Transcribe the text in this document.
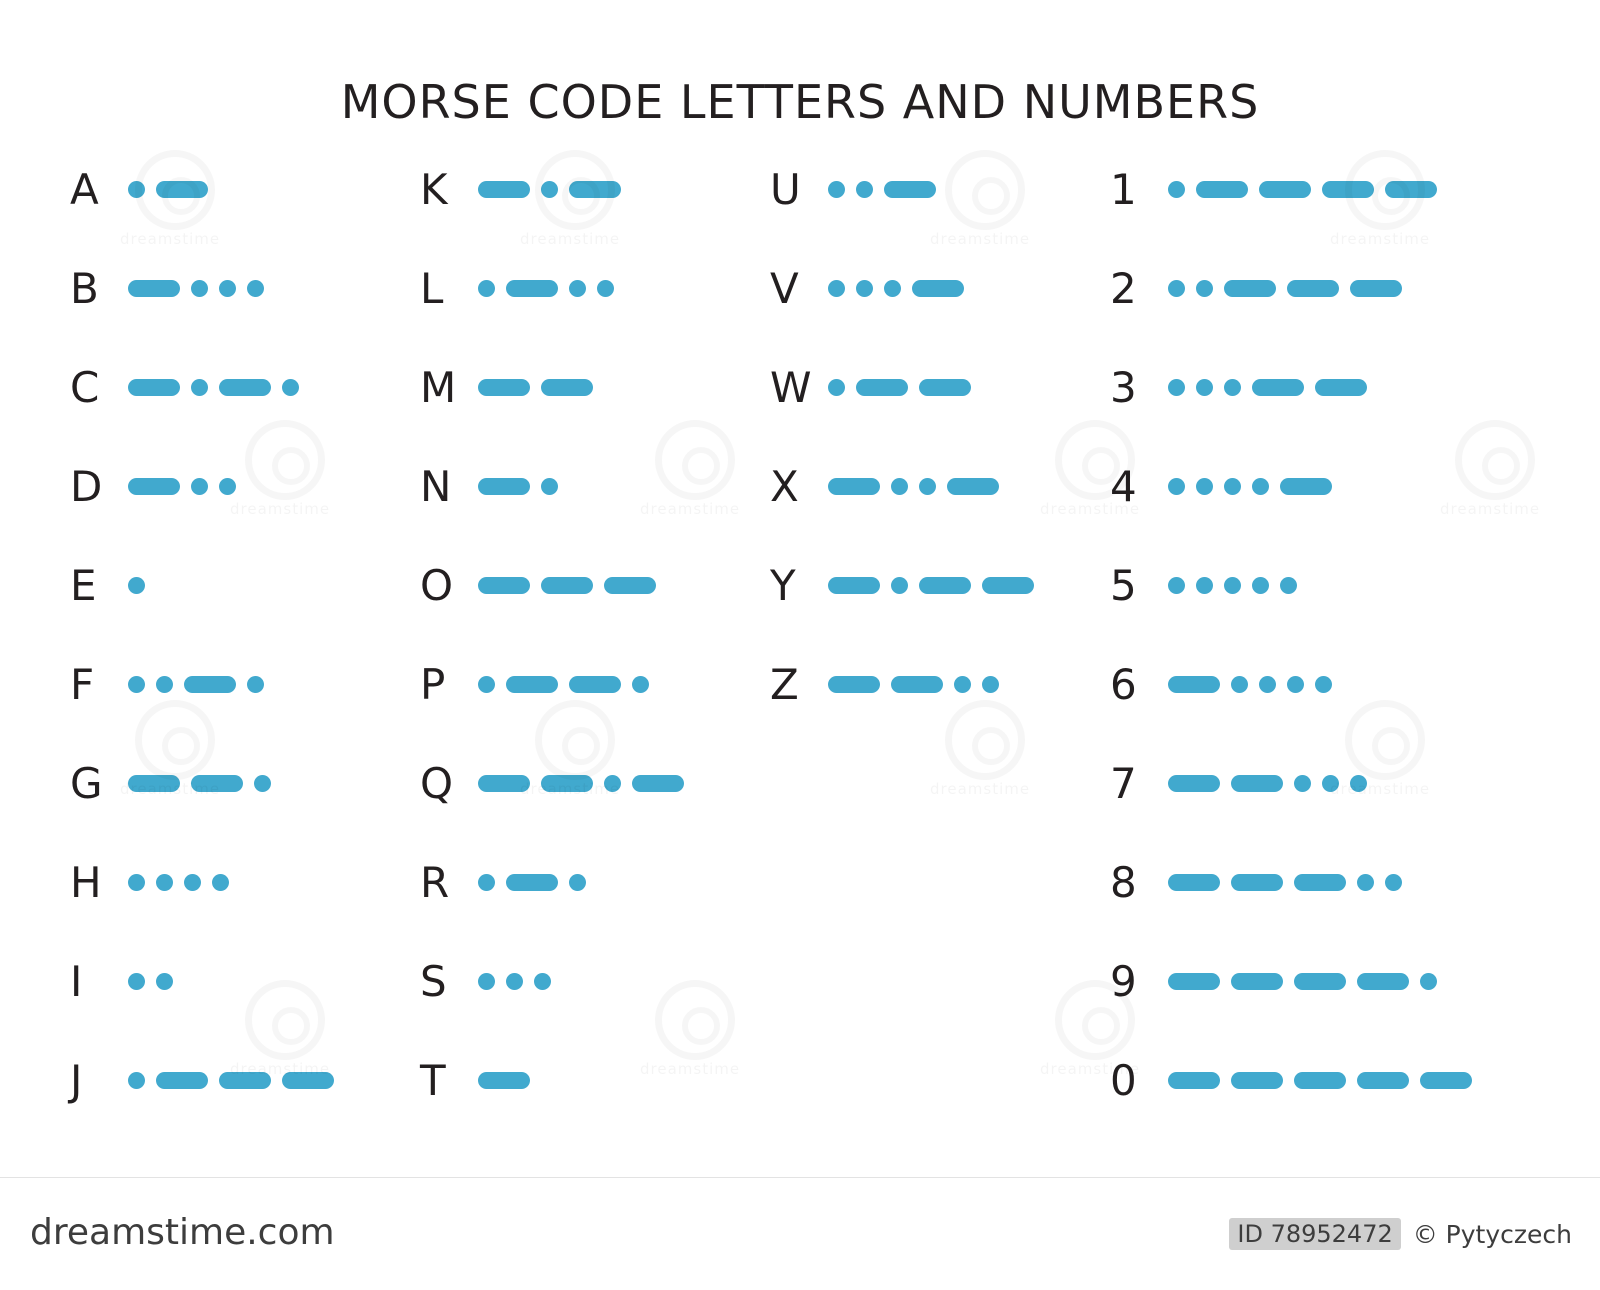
MORSE CODE LETTERS AND NUMBERS
A
B
C
D
E
F
G
H
I
J
K
L
M
N
O
P
Q
R
S
T
U
V
W
X
Y
Z
1
2
3
4
5
6
7
8
9
0
dreamstime.com	ID 78952472 © Pytyczech
